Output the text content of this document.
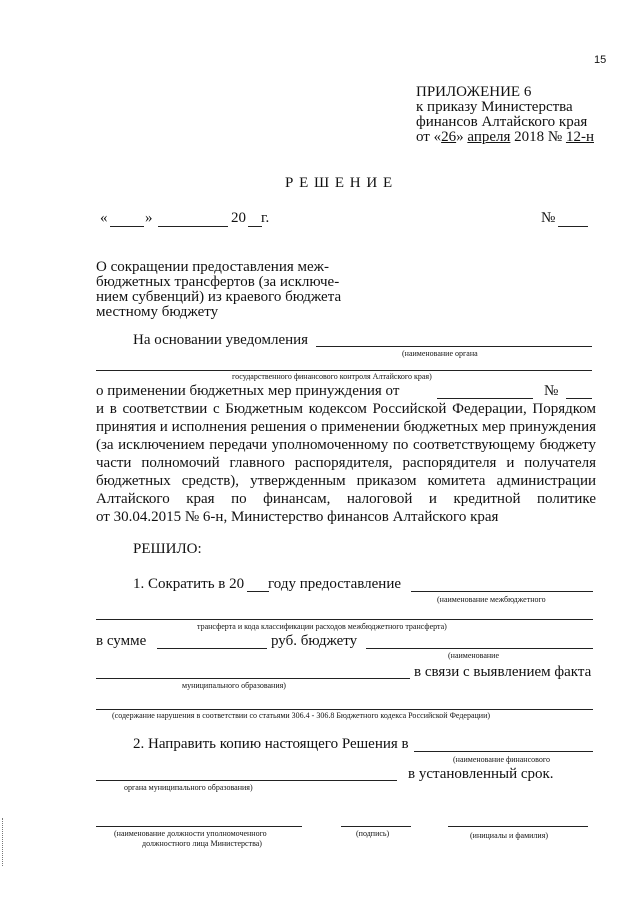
15
ПРИЛОЖЕНИЕ 6
к приказу Министерства
финансов Алтайского края
от «26» апреля 2018 № 12-н
Р Е Ш Е Н И Е
«	»	20 г.	№
О сокращении предоставления меж-
бюджетных трансфертов (за исключе-
нием субвенций) из краевого бюджета
местному бюджету
На основании уведомления
(наименование органа
государственного финансового контроля Алтайского края)
о применении бюджетных мер принуждения от	№
и в соответствии с Бюджетным кодексом Российской Федерации, Порядком
принятия и исполнения решения о применении бюджетных мер принуждения
(за исключением передачи уполномоченному по соответствующему бюджету
части полномочий главного распорядителя, распорядителя и получателя
бюджетных средств), утвержденным приказом комитета администрации
Алтайского края по финансам, налоговой и кредитной политике
от 30.04.2015 № 6-н, Министерство финансов Алтайского края
РЕШИЛО:
1. Сократить в 20 году предоставление
(наименование межбюджетного
трансферта и кода классификации расходов межбюджетного трансферта)
в сумме	руб. бюджету
(наименование
в связи с выявлением факта
муниципального образования)
(содержание нарушения в соответствии со статьями 306.4 - 306.8 Бюджетного кодекса Российской Федерации)
2. Направить копию настоящего Решения в
(наименование финансового
в установленный срок.
органа муниципального образования)
(наименование должности уполномоченного
должностного лица Министерства)
(подпись)	(инициалы и фамилия)
